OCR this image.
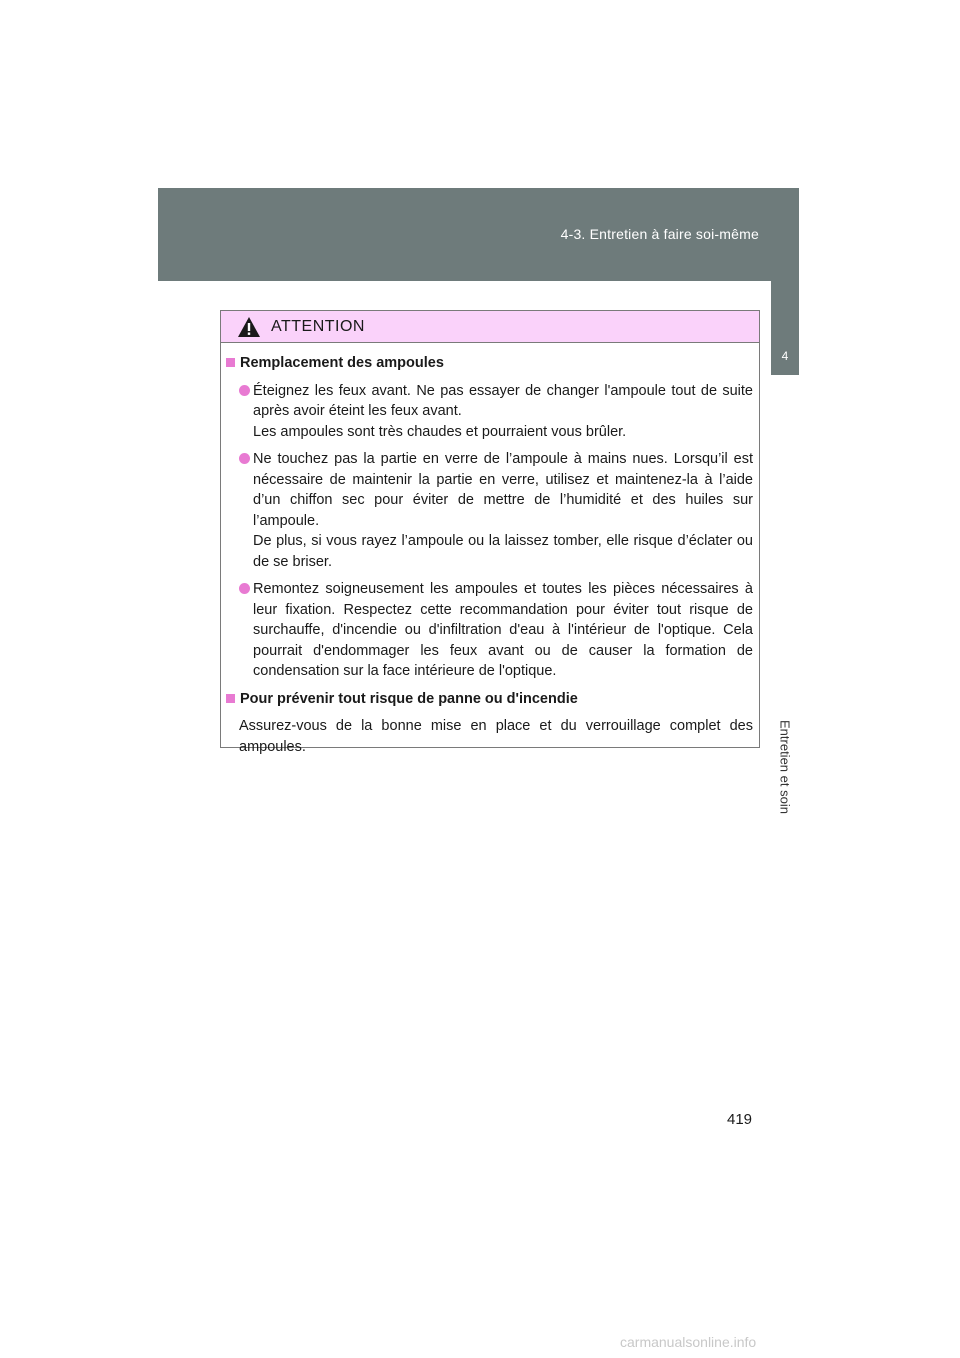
4-3. Entretien à faire soi-même
4
Entretien et soin
ATTENTION
Remplacement des ampoules
Éteignez les feux avant. Ne pas essayer de changer l'ampoule tout de suite après avoir éteint les feux avant.
Les ampoules sont très chaudes et pourraient vous brûler.
Ne touchez pas la partie en verre de l’ampoule à mains nues. Lorsqu’il est nécessaire de maintenir la partie en verre, utilisez et maintenez-la à l’aide d’un chiffon sec pour éviter de mettre de l’humidité et des huiles sur l’ampoule.
De plus, si vous rayez l’ampoule ou la laissez tomber, elle risque d’éclater ou de se briser.
Remontez soigneusement les ampoules et toutes les pièces nécessaires à leur fixation. Respectez cette recommandation pour éviter tout risque de surchauffe, d'incendie ou d'infiltration d'eau à l'intérieur de l'optique. Cela pourrait d'endommager les feux avant ou de causer la formation de condensation sur la face intérieure de l'optique.
Pour prévenir tout risque de panne ou d'incendie
Assurez-vous de la bonne mise en place et du verrouillage complet des ampoules.
419
carmanualsonline.info
